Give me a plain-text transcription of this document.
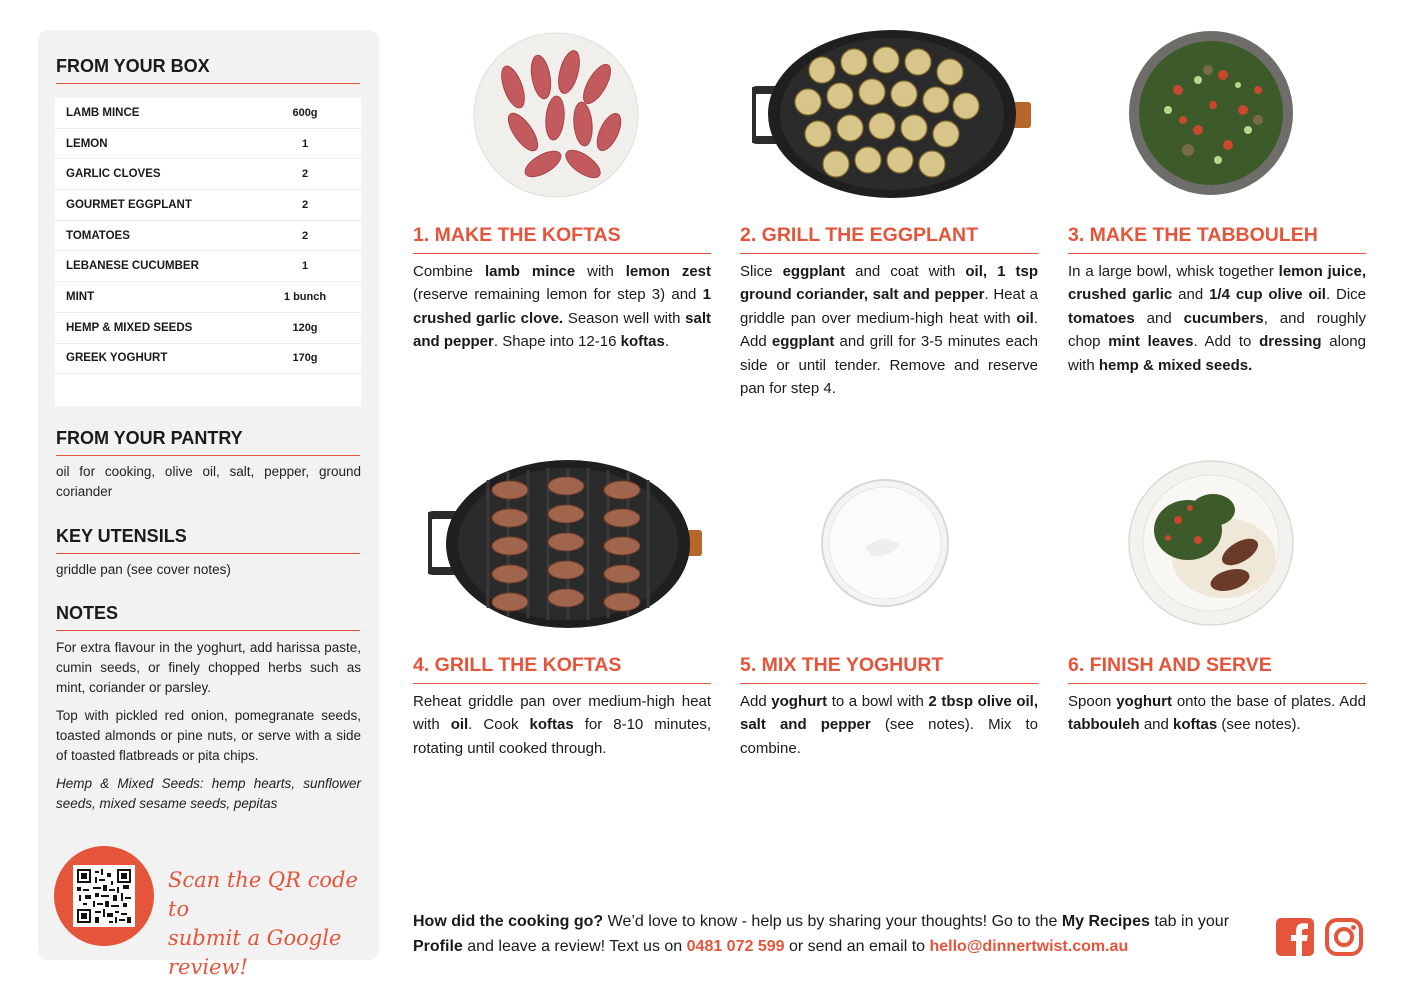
FROM YOUR BOX
LAMB MINCE	600g
LEMON	1
GARLIC CLOVES	2
GOURMET EGGPLANT	2
TOMATOES	2
LEBANESE CUCUMBER	1
MINT	1 bunch
HEMP & MIXED SEEDS	120g
GREEK YOGHURT	170g
FROM YOUR PANTRY
oil for cooking, olive oil, salt, pepper, ground coriander
KEY UTENSILS
griddle pan (see cover notes)
NOTES
For extra flavour in the yoghurt, add harissa paste, cumin seeds, or finely chopped herbs such as mint, coriander or parsley.
Top with pickled red onion, pomegranate seeds, toasted almonds or pine nuts, or serve with a side of toasted flatbreads or pita chips.
Hemp & Mixed Seeds: hemp hearts, sunflower seeds, mixed sesame seeds, pepitas
Scan the QR code to
submit a Google review!
1. MAKE THE KOFTAS
Combine lamb mince with lemon zest (reserve remaining lemon for step 3) and 1 crushed garlic clove. Season well with salt and pepper. Shape into 12-16 koftas.
2. GRILL THE EGGPLANT
Slice eggplant and coat with oil, 1 tsp ground coriander, salt and pepper. Heat a griddle pan over medium-high heat with oil. Add eggplant and grill for 3-5 minutes each side or until tender. Remove and reserve pan for step 4.
3. MAKE THE TABBOULEH
In a large bowl, whisk together lemon juice, crushed garlic and 1/4 cup olive oil. Dice tomatoes and cucumbers, and roughly chop mint leaves. Add to dressing along with hemp & mixed seeds.
4. GRILL THE KOFTAS
Reheat griddle pan over medium-high heat with oil. Cook koftas for 8-10 minutes, rotating until cooked through.
5. MIX THE YOGHURT
Add yoghurt to a bowl with 2 tbsp olive oil, salt and pepper (see notes). Mix to combine.
6. FINISH AND SERVE
Spoon yoghurt onto the base of plates. Add tabbouleh and koftas (see notes).
How did the cooking go? We’d love to know - help us by sharing your thoughts! Go to the My Recipes tab in your Profile and leave a review! Text us on 0481 072 599 or send an email to hello@dinnertwist.com.au
